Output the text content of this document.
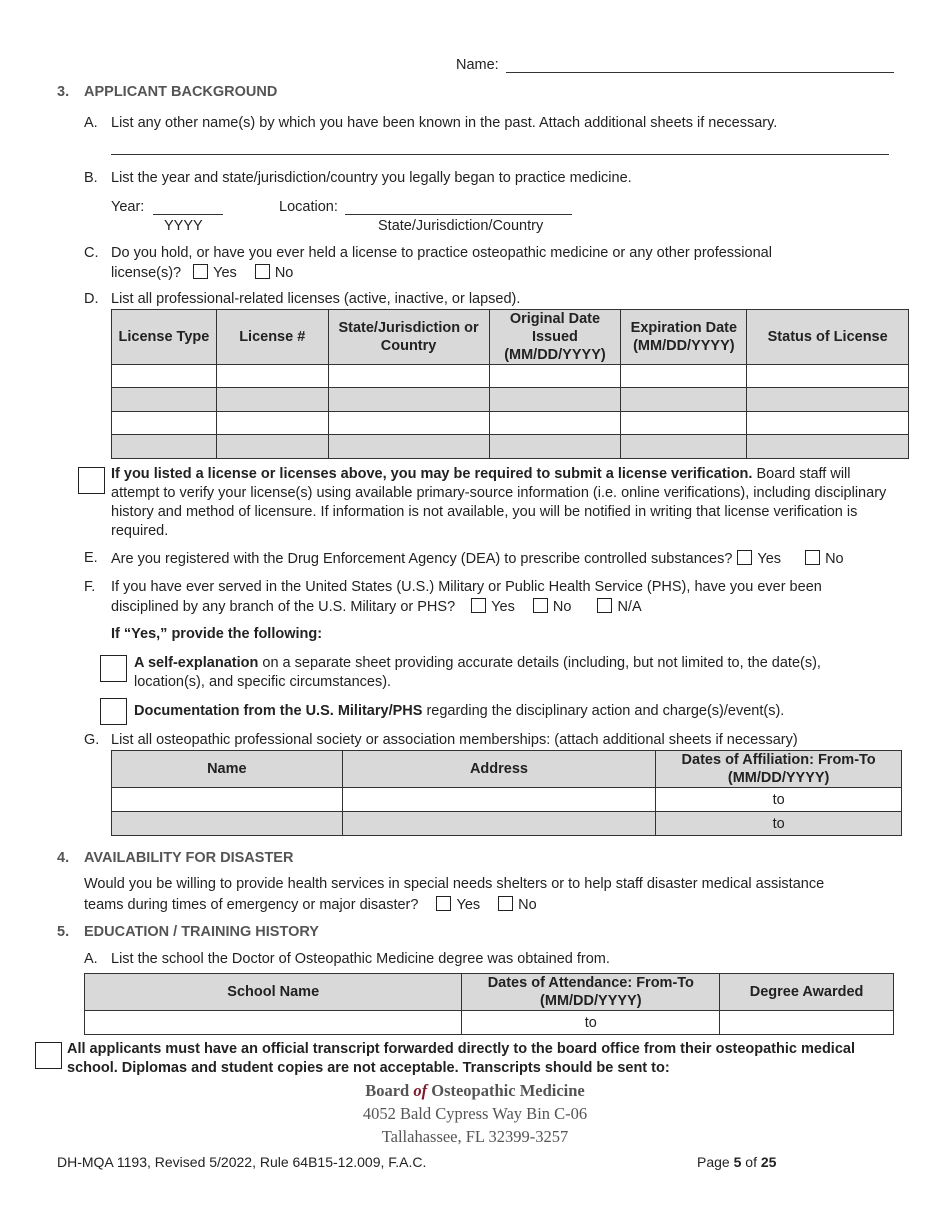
Name:
3. APPLICANT BACKGROUND
A. List any other name(s) by which you have been known in the past. Attach additional sheets if necessary.
B. List the year and state/jurisdiction/country you legally began to practice medicine.
Year:
YYYY
Location:
State/Jurisdiction/Country
C. Do you hold, or have you ever held a license to practice osteopathic medicine or any other professional
license(s)? Yes	No
D. List all professional-related licenses (active, inactive, or lapsed).
License Type	License #	State/Jurisdiction or Country	Original Date Issued (MM/DD/YYYY)	Expiration Date (MM/DD/YYYY)	Status of License

If you listed a license or licenses above, you may be required to submit a license verification. Board staff will attempt to verify your license(s) using available primary-source information (i.e. online verifications), including disciplinary history and method of licensure. If information is not available, you will be notified in writing that license verification is required.
E. Are you registered with the Drug Enforcement Agency (DEA) to prescribe controlled substances? Yes	No
F. If you have ever served in the United States (U.S.) Military or Public Health Service (PHS), have you ever been
disciplined by any branch of the U.S. Military or PHS? Yes	No	N/A
If “Yes,” provide the following:
A self-explanation on a separate sheet providing accurate details (including, but not limited to, the date(s), location(s), and specific circumstances).
Documentation from the U.S. Military/PHS regarding the disciplinary action and charge(s)/event(s).
G. List all osteopathic professional society or association memberships: (attach additional sheets if necessary)
Name	Address	Dates of Affiliation: From-To (MM/DD/YYYY)
		to
		to
4. AVAILABILITY FOR DISASTER
Would you be willing to provide health services in special needs shelters or to help staff disaster medical assistance
teams during times of emergency or major disaster?	Yes	No
5. EDUCATION / TRAINING HISTORY
A. List the school the Doctor of Osteopathic Medicine degree was obtained from.
School Name	Dates of Attendance: From-To (MM/DD/YYYY)	Degree Awarded
	to	
All applicants must have an official transcript forwarded directly to the board office from their osteopathic medical school. Diplomas and student copies are not acceptable. Transcripts should be sent to:
Board of Osteopathic Medicine
4052 Bald Cypress Way Bin C-06
Tallahassee, FL 32399-3257
DH-MQA 1193, Revised 5/2022, Rule 64B15-12.009, F.A.C.	Page 5 of 25
